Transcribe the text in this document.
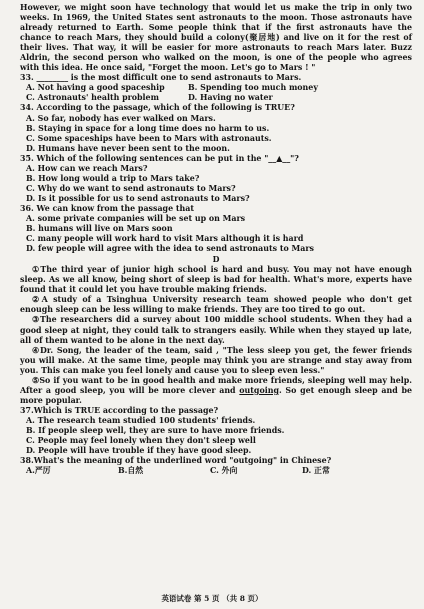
However, we might soon have technology that would let us make the trip in only two weeks. In 1969, the United States sent astronauts to the moon. Those astronauts have already returned to Earth. Some people think that if the first astronauts have the chance to reach Mars, they should build a colony(聚居地) and live on it for the rest of their lives. That way, it will be easier for more astronauts to reach Mars later. Buzz Aldrin, the second person who walked on the moon, is one of the people who agrees with this idea. He once said, "Forget the moon. Let's go to Mars ! "

33. ________ is the most difficult one to send astronauts to Mars.

A. Not having a good spaceship	B. Spending too much money
C. Astronauts' health problem	D. Having no water

34. According to the passage, which of the following is TRUE?

A. So far, nobody has ever walked on Mars.

B. Staying in space for a long time does no harm to us.

C. Some spaceships have been to Mars with astronauts.

D. Humans have never been sent to the moon.

35. Which of the following sentences can be put in the "__▲__"?

A. How can we reach Mars?

B. How long would a trip to Mars take?

C. Why do we want to send astronauts to Mars?

D. Is it possible for us to send astronauts to Mars?

36. We can know from the passage that

A. some private companies will be set up on Mars

B. humans will live on Mars soon

C. many people will work hard to visit Mars although it is hard

D. few people will agree with the idea to send astronauts to Mars

D

①The third year of junior high school is hard and busy. You may not have enough sleep. As we all know, being short of sleep is bad for health. What's more, experts have found that it could let you have trouble making friends.

②A study of a Tsinghua University research team showed people who don't get enough sleep can be less willing to make friends. They are too tired to go out.

③The researchers did a survey about 100 middle school students. When they had a good sleep at night, they could talk to strangers easily. While when they stayed up late, all of them wanted to be alone in the next day.

④Dr. Song, the leader of the team, said , "The less sleep you get, the fewer friends you will make. At the same time, people may think you are strange and stay away from you. This can make you feel lonely and cause you to sleep even less."

⑤So if you want to be in good health and make more friends, sleeping well may help. After a good sleep, you will be more clever and outgoing. So get enough sleep and be more popular.

37.Which is TRUE according to the passage?

A. The research team studied 100 students' friends.

B. If people sleep well, they are sure to have more friends.

C. People may feel lonely when they don't sleep well

D. People will have trouble if they have good sleep.

38.What's the meaning of the underlined word "outgoing" in Chinese?

A.严厉	B.自然	C. 外向	D. 正常
英语试卷 第 5 页 （共 8 页）
